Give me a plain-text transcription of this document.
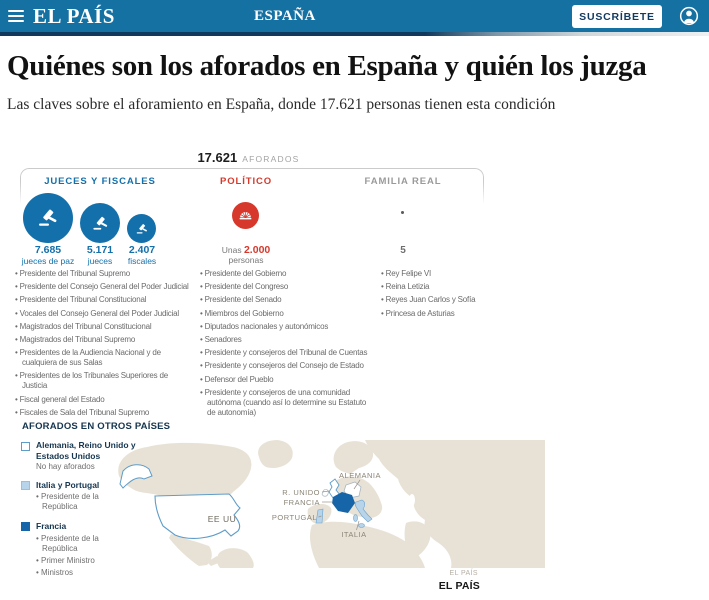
EL PAÍS	ESPAÑA	SUSCRÍBETE
Quiénes son los aforados en España y quién los juzga
Las claves sobre el aforamiento en España, donde 17.621 personas tienen esta condición
17.621 AFORADOS
JUECES Y FISCALES	POLÍTICO	FAMILIA REAL
7.685
jueces de paz
5.171
jueces
2.407
fiscales
Unas 2.000
personas
5
• Presidente del Tribunal Supremo
• Presidente del Consejo General del Poder Judicial
• Presidente del Tribunal Constitucional
• Vocales del Consejo General del Poder Judicial
• Magistrados del Tribunal Constitucional
• Magistrados del Tribunal Supremo
• Presidentes de la Audiencia Nacional y de cualquiera de sus Salas
• Presidentes de los Tribunales Superiores de Justicia
• Fiscal general del Estado
• Fiscales de Sala del Tribunal Supremo
• Presidente del Gobierno
• Presidente del Congreso
• Presidente del Senado
• Miembros del Gobierno
• Diputados nacionales y autonómicos
• Senadores
• Presidente y consejeros del Tribunal de Cuentas
• Presidente y consejeros del Consejo de Estado
• Defensor del Pueblo
• Presidente y consejeros de una comunidad autónoma (cuando así lo determine su Estatuto de autonomía)
• Rey Felipe VI
• Reina Letizia
• Reyes Juan Carlos y Sofía
• Princesa de Asturias
AFORADOS EN OTROS PAÍSES
Alemania, Reino Unido y Estados Unidos
No hay aforados
Italia y Portugal
• Presidente de la República
Francia
• Presidente de la República
• Primer Ministro
• Ministros
EE UU
ALEMANIA
R. UNIDO
FRANCIA
PORTUGAL
ITALIA
EL PAÍS
EL PAÍS
